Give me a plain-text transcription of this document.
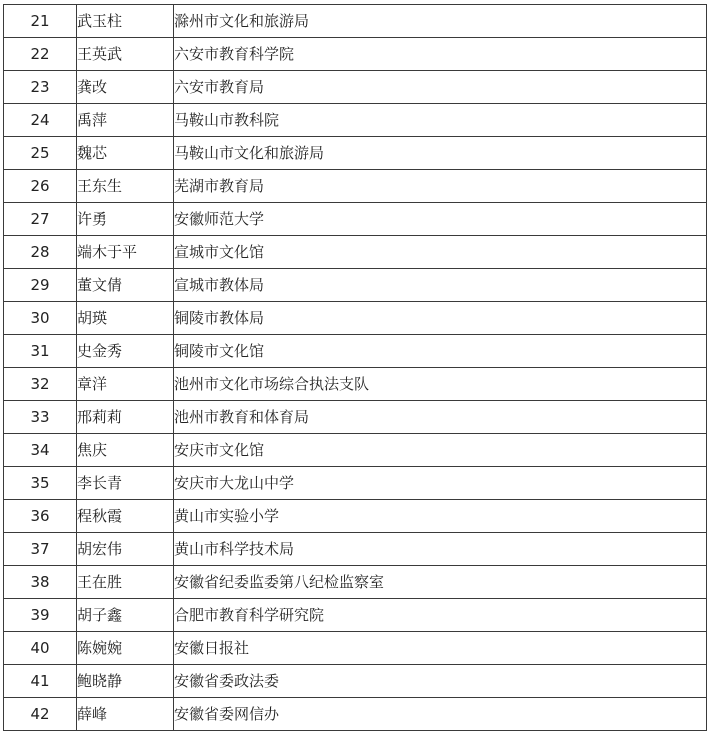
21	武玉柱	滁州市文化和旅游局
22	王英武	六安市教育科学院
23	龚改	六安市教育局
24	禹萍	马鞍山市教科院
25	魏芯	马鞍山市文化和旅游局
26	王东生	芜湖市教育局
27	许勇	安徽师范大学
28	端木于平	宣城市文化馆
29	董文倩	宣城市教体局
30	胡瑛	铜陵市教体局
31	史金秀	铜陵市文化馆
32	章洋	池州市文化市场综合执法支队
33	邢莉莉	池州市教育和体育局
34	焦庆	安庆市文化馆
35	李长青	安庆市大龙山中学
36	程秋霞	黄山市实验小学
37	胡宏伟	黄山市科学技术局
38	王在胜	安徽省纪委监委第八纪检监察室
39	胡子鑫	合肥市教育科学研究院
40	陈婉婉	安徽日报社
41	鲍晓静	安徽省委政法委
42	薛峰	安徽省委网信办
